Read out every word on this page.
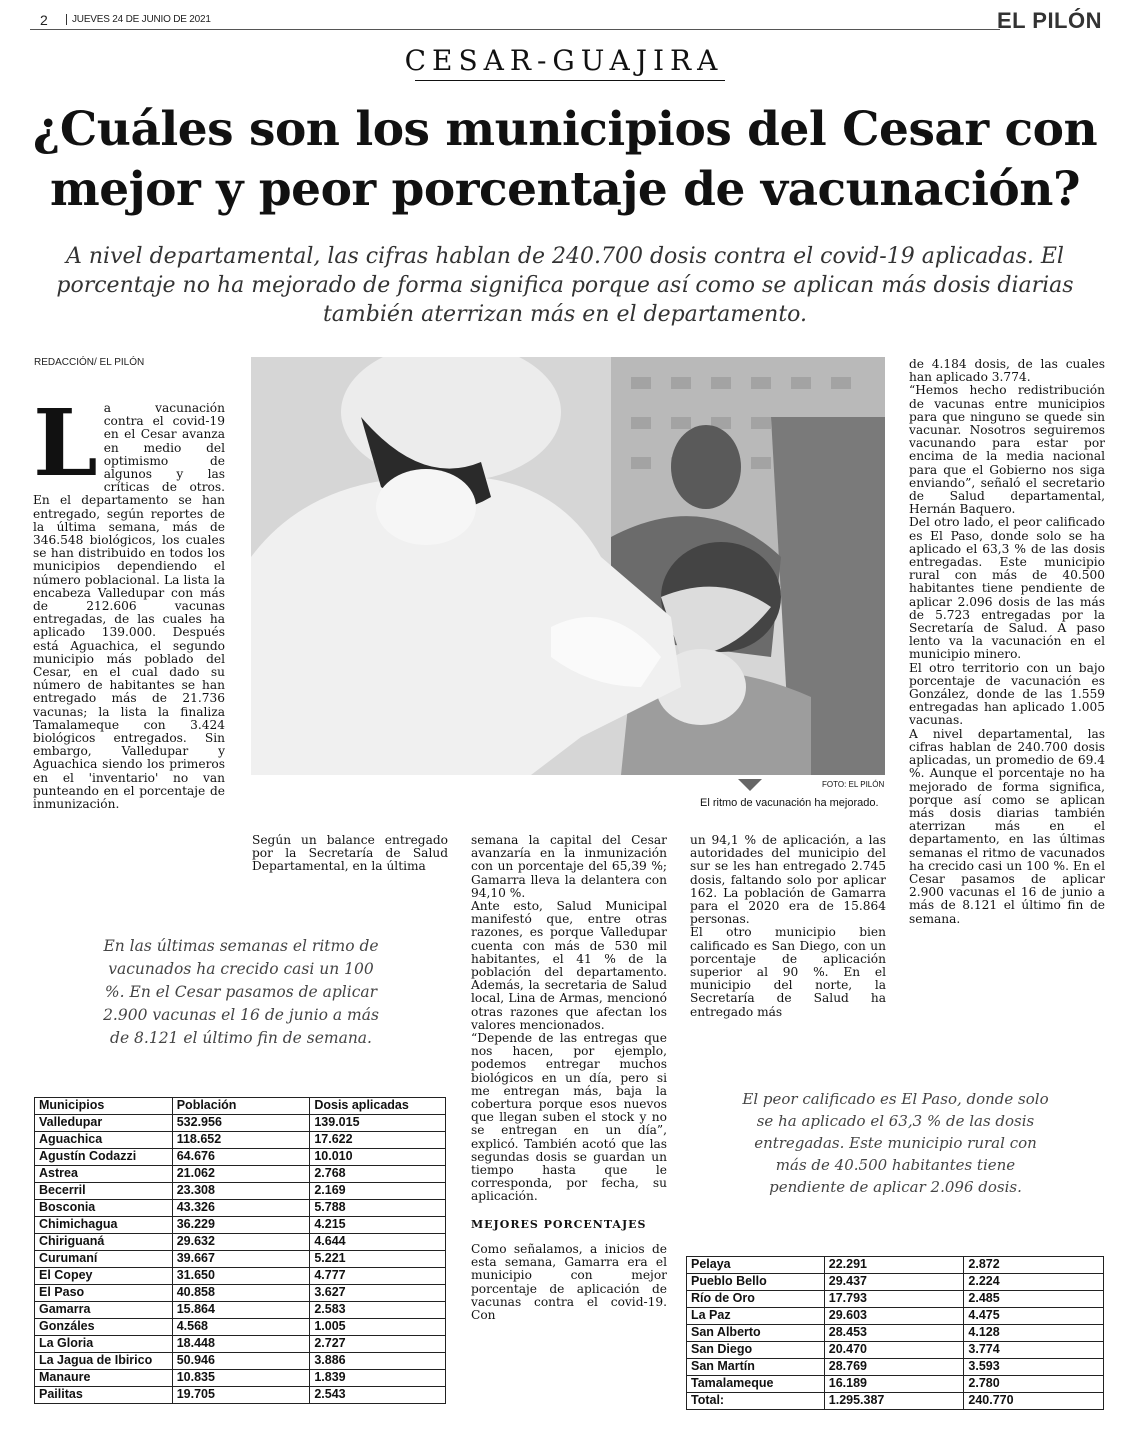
2	JUEVES 24 DE JUNIO DE 2021	EL PILÓN
CESAR-GUAJIRA
¿Cuáles son los municipios del Cesar con mejor y peor porcentaje de vacunación?
A nivel departamental, las cifras hablan de 240.700 dosis contra el covid-19 aplicadas. El porcentaje no ha mejorado de forma significa porque así como se aplican más dosis diarias también aterrizan más en el departamento.
REDACCIÓN/ EL PILÓN
L a vacunación contra el covid-19 en el Cesar avanza en medio del optimismo de algunos y las críticas de otros. En el departamento se han entregado, según reportes de la última semana, más de 346.548 biológicos, los cuales se han distribuido en todos los municipios dependiendo el número poblacional. La lista la encabeza Valledupar con más de 212.606 vacunas entregadas, de las cuales ha aplicado 139.000. Después está Aguachica, el segundo municipio más poblado del Cesar, en el cual dado su número de habitantes se han entregado más de 21.736 vacunas; la lista la finaliza Tamalameque con 3.424 biológicos entregados. Sin embargo, Valledupar y Aguachica siendo los primeros en el 'inventario' no van punteando en el porcentaje de inmunización.
FOTO: EL PILÓN
El ritmo de vacunación ha mejorado.
Según un balance entregado por la Secretaría de Salud Departamental, en la última

semana la capital del Cesar avanzaría en la inmunización con un porcentaje del 65,39 %; Gamarra lleva la delantera con 94,10 %.

Ante esto, Salud Municipal manifestó que, entre otras razones, es porque Valledupar cuenta con más de 530 mil habitantes, el 41 % de la población del departamento. Además, la secretaria de Salud local, Lina de Armas, mencionó otras razones que afectan los valores mencionados.

“Depende de las entregas que nos hacen, por ejemplo, podemos entregar muchos biológicos en un día, pero si me entregan más, baja la cobertura porque esos nuevos que llegan suben el stock y no se entregan en un día”, explicó. También acotó que las segundas dosis se guardan un tiempo hasta que le corresponda, por fecha, su aplicación.

MEJORES PORCENTAJES

Como señalamos, a inicios de esta semana, Gamarra era el municipio con mejor porcentaje de aplicación de vacunas contra el covid-19. Con

un 94,1 % de aplicación, a las autoridades del municipio del sur se les han entregado 2.745 dosis, faltando solo por aplicar 162. La población de Gamarra para el 2020 era de 15.864 personas.

El otro municipio bien calificado es San Diego, con un porcentaje de aplicación superior al 90 %. En el municipio del norte, la Secretaría de Salud ha entregado más

de 4.184 dosis, de las cuales han aplicado 3.774.

“Hemos hecho redistribución de vacunas entre municipios para que ninguno se quede sin vacunar. Nosotros seguiremos vacunando para estar por encima de la media nacional para que el Gobierno nos siga enviando”, señaló el secretario de Salud departamental, Hernán Baquero.

Del otro lado, el peor calificado es El Paso, donde solo se ha aplicado el 63,3 % de las dosis entregadas. Este municipio rural con más de 40.500 habitantes tiene pendiente de aplicar 2.096 dosis de las más de 5.723 entregadas por la Secretaría de Salud. A paso lento va la vacunación en el municipio minero.

El otro territorio con un bajo porcentaje de vacunación es González, donde de las 1.559 entregadas han aplicado 1.005 vacunas.

A nivel departamental, las cifras hablan de 240.700 dosis aplicadas, un promedio de 69.4 %. Aunque el porcentaje no ha mejorado de forma significa, porque así como se aplican más dosis diarias también aterrizan más en el departamento, en las últimas semanas el ritmo de vacunados ha crecido casi un 100 %. En el Cesar pasamos de aplicar 2.900 vacunas el 16 de junio a más de 8.121 el último fin de semana.

En las últimas semanas el ritmo de vacunados ha crecido casi un 100 %. En el Cesar pasamos de aplicar 2.900 vacunas el 16 de junio a más de 8.121 el último fin de semana.
El peor calificado es El Paso, donde solo se ha aplicado el 63,3 % de las dosis entregadas. Este municipio rural con más de 40.500 habitantes tiene pendiente de aplicar 2.096 dosis.
Municipios	Población	Dosis aplicadas
Valledupar	532.956	139.015
Aguachica	118.652	17.622
Agustín Codazzi	64.676	10.010
Astrea	21.062	2.768
Becerril	23.308	2.169
Bosconia	43.326	5.788
Chimichagua	36.229	4.215
Chiriguaná	29.632	4.644
Curumaní	39.667	5.221
El Copey	31.650	4.777
El Paso	40.858	3.627
Gamarra	15.864	2.583
Gonzáles	4.568	1.005
La Gloria	18.448	2.727
La Jagua de Ibirico	50.946	3.886
Manaure	10.835	1.839
Pailitas	19.705	2.543
Pelaya	22.291	2.872
Pueblo Bello	29.437	2.224
Río de Oro	17.793	2.485
La Paz	29.603	4.475
San Alberto	28.453	4.128
San Diego	20.470	3.774
San Martín	28.769	3.593
Tamalameque	16.189	2.780
Total:	1.295.387	240.770
